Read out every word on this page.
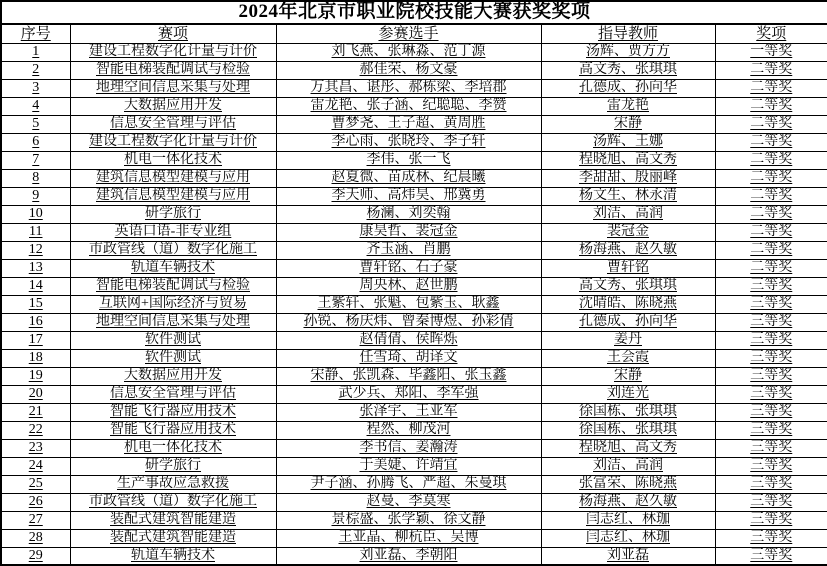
2024年北京市职业院校技能大赛获奖奖项				
序号	赛项	参赛选手	指导教师	奖项
1	建设工程数字化计量与计价	刘飞燕、张琳淼、范丁源	汤辉、贾方方	一等奖
2	智能电梯装配调试与检验	郝佳荣、杨文豪	高文秀、张琪琪	二等奖
3	地理空间信息采集与处理	万其昌、谌彤、郝栋梁、李培郡	孔德成、孙向华	二等奖
4	大数据应用开发	雷龙艳、张子涵、纪聪聪、李赞	雷龙艳	二等奖
5	信息安全管理与评估	曹梦尧、王子超、黄周胜	宋静	二等奖
6	建设工程数字化计量与计价	李心雨、张晓玲、李子轩	汤辉、王娜	二等奖
7	机电一体化技术	李伟、张一飞	程晓旭、高文秀	二等奖
8	建筑信息模型建模与应用	赵夏微、苗成林、纪晨曦	李甜甜、殷丽峰	二等奖
9	建筑信息模型建模与应用	李天师、高炜昊、邢冀勇	杨文生、林永清	二等奖
10	研学旅行	杨澜、刘奕翰	刘洁、高润	二等奖
11	英语口语-非专业组	康昊哲、裴冠金	裴冠金	二等奖
12	市政管线（道）数字化施工	齐玉涵、肖鹏	杨海燕、赵久敏	二等奖
13	轨道车辆技术	曹轩铭、石子豪	曹轩铭	二等奖
14	智能电梯装配调试与检验	周央林、赵世鹏	高文秀、张琪琪	三等奖
15	互联网+国际经济与贸易	王紫轩、张魁、包紫玉、耿鑫	沈晴皓、陈晓燕	三等奖
16	地理空间信息采集与处理	孙锐、杨庆炜、曾秦博煜、孙彩倩	孔德成、孙向华	三等奖
17	软件测试	赵倩倩、侯晖烁	姜丹	三等奖
18	软件测试	任雪琦、胡译文	王会霞	三等奖
19	大数据应用开发	宋静、张凯森、毕鑫阳、张玉鑫	宋静	三等奖
20	信息安全管理与评估	武少兵、郑阳、李军强	刘连光	三等奖
21	智能飞行器应用技术	张泽宇、王亚军	徐国栋、张琪琪	三等奖
22	智能飞行器应用技术	程然、柳茂河	徐国栋、张琪琪	三等奖
23	机电一体化技术	李书信、姜瀚涛	程晓旭、高文秀	三等奖
24	研学旅行	于美婕、许靖宜	刘洁、高润	三等奖
25	生产事故应急救援	尹子涵、孙腾飞、严超、朱曼琪	张富荣、陈晓燕	三等奖
26	市政管线（道）数字化施工	赵曼、李莫寒	杨海燕、赵久敏	三等奖
27	装配式建筑智能建造	景棕盛、张学颖、徐文静	闫志红、林珈	三等奖
28	装配式建筑智能建造	王亚晶、柳杭臣、吴博	闫志红、林珈	三等奖
29	轨道车辆技术	刘亚磊、李朝阳	刘亚磊	三等奖
